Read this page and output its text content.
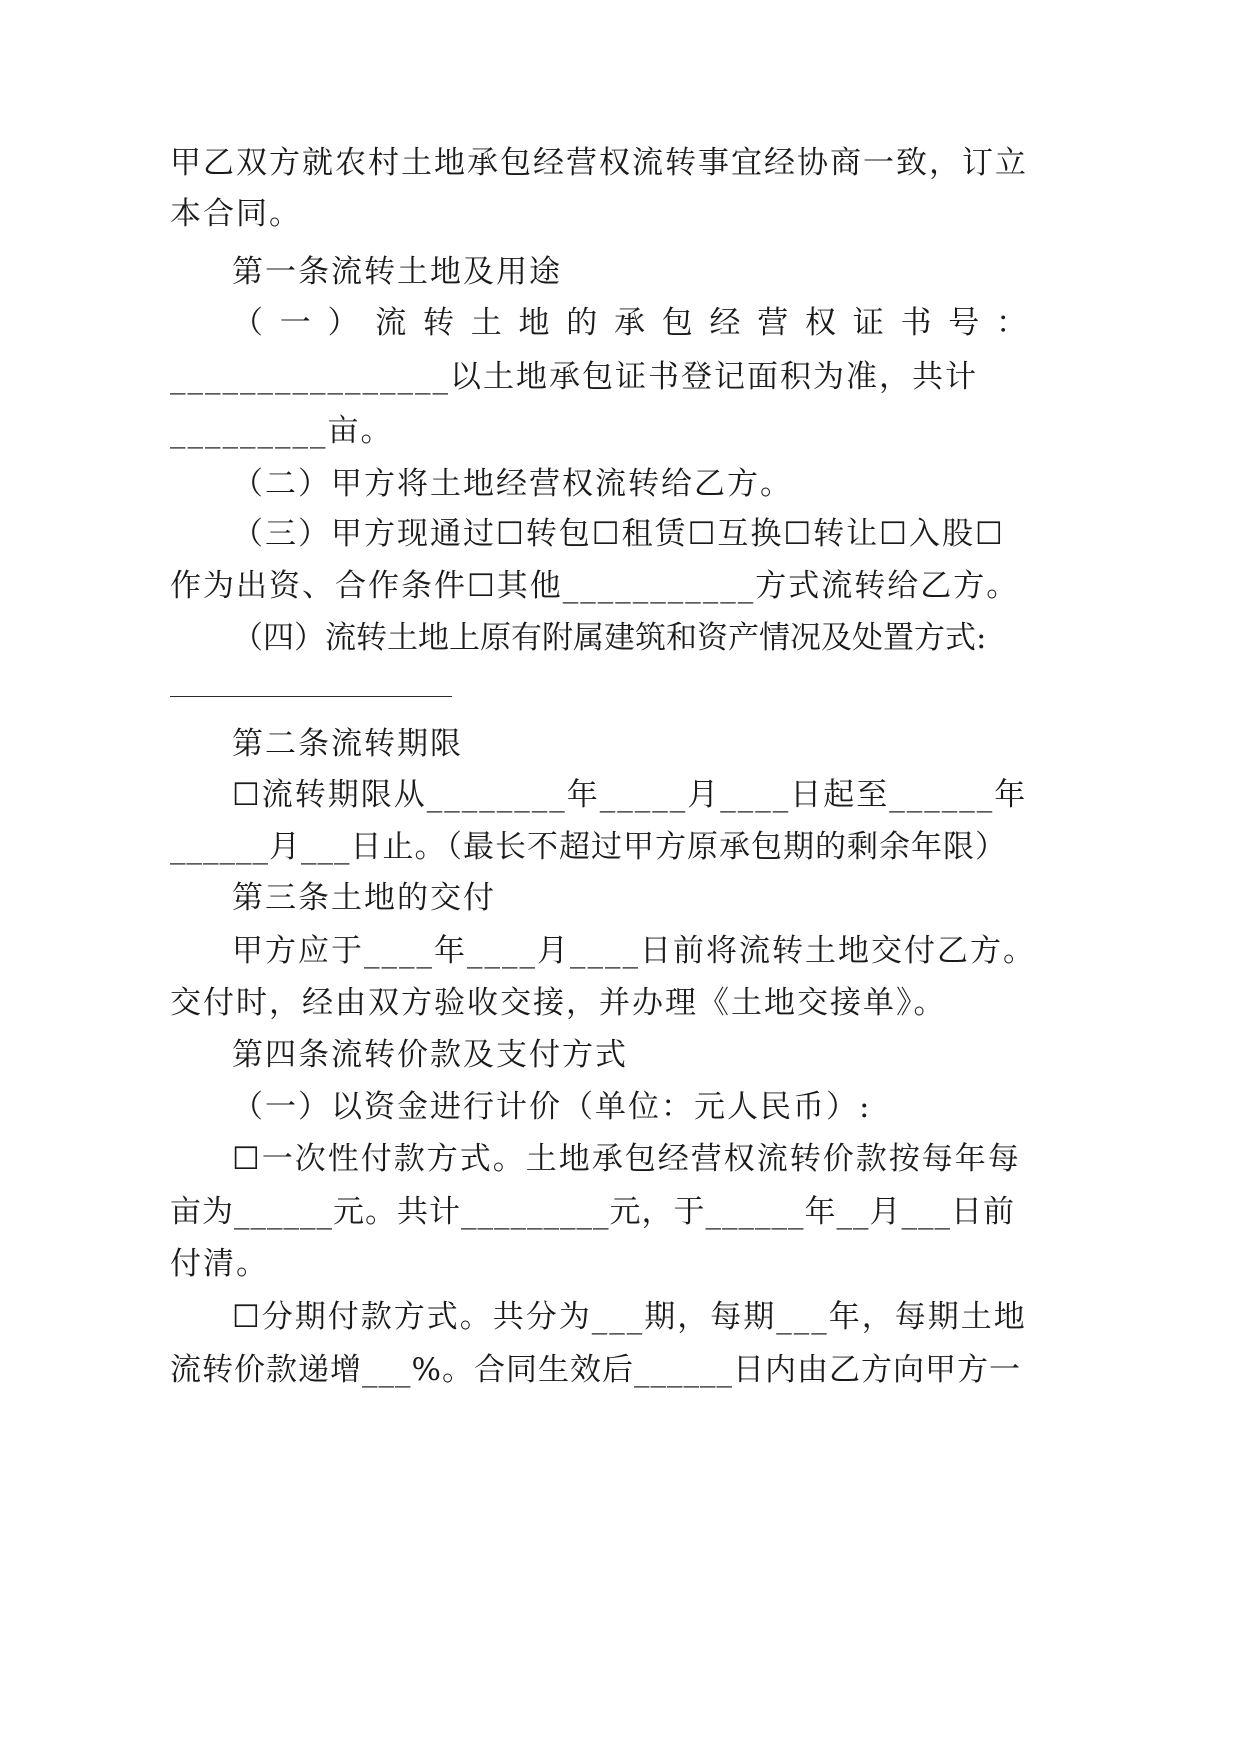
甲乙双方就农村土地承包经营权流转事宜经协商一致，订立
本合同。
第一条流转土地及用途
（ 一 ） 流 转 土 地 的 承 包 经 营 权 证 书 号 ：
________________以土地承包证书登记面积为准，共计
_________亩。
（二）甲方将土地经营权流转给乙方。
（三）甲方现通过☐转包☐租赁☐互换☐转让☐入股☐
作为出资、合作条件☐其他___________方式流转给乙方。
（四）流转土地上原有附属建筑和资产情况及处置方式:
第二条流转期限
☐流转期限从________年_____月____日起至______年
______月___日止。（最长不超过甲方原承包期的剩余年限）
第三条土地的交付
甲方应于____年____月____日前将流转土地交付乙方。
交付时，经由双方验收交接，并办理《土地交接单》。
第四条流转价款及支付方式
（一）以资金进行计价（单位：元人民币）:
☐一次性付款方式。土地承包经营权流转价款按每年每
亩为______元。共计_________元，于______年__月___日前
付清。
☐分期付款方式。共分为___期，每期___年，每期土地
流转价款递增___%。合同生效后______日内由乙方向甲方一
